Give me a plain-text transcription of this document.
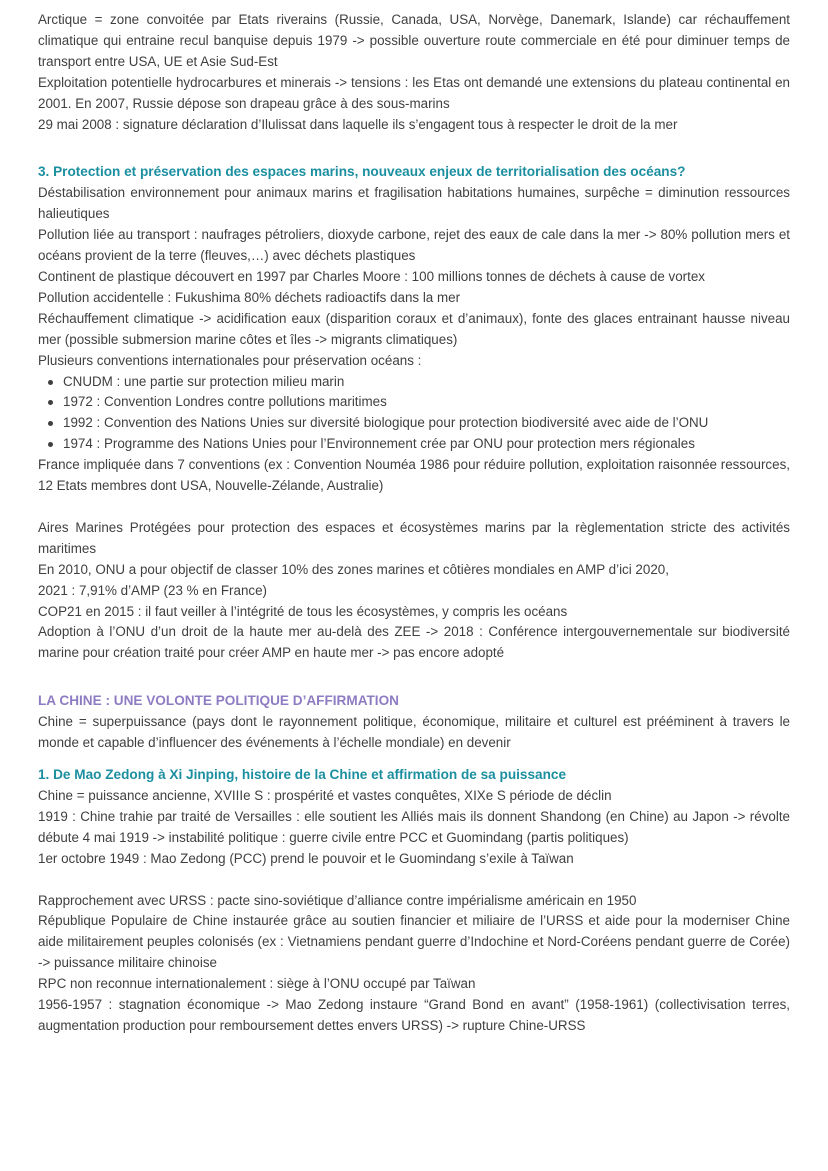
Arctique = zone convoitée par Etats riverains (Russie, Canada, USA, Norvège, Danemark, Islande) car réchauffement climatique qui entraine recul banquise depuis 1979 -> possible ouverture route commerciale en été pour diminuer temps de transport entre USA, UE et Asie Sud-Est

Exploitation potentielle hydrocarbures et minerais -> tensions : les Etas ont demandé une extensions du plateau continental en 2001. En 2007, Russie dépose son drapeau grâce à des sous-marins

29 mai 2008 : signature déclaration d’Ilulissat dans laquelle ils s’engagent tous à respecter le droit de la mer

3. Protection et préservation des espaces marins, nouveaux enjeux de territorialisation des océans?

Déstabilisation environnement pour animaux marins et fragilisation habitations humaines, surpêche = diminution ressources halieutiques

Pollution liée au transport : naufrages pétroliers, dioxyde carbone, rejet des eaux de cale dans la mer -> 80% pollution mers et océans provient de la terre (fleuves,…) avec déchets plastiques

Continent de plastique découvert en 1997 par Charles Moore : 100 millions tonnes de déchets à cause de vortex

Pollution accidentelle : Fukushima 80% déchets radioactifs dans la mer

Réchauffement climatique -> acidification eaux (disparition coraux et d’animaux), fonte des glaces entrainant hausse niveau mer (possible submersion marine côtes et îles -> migrants climatiques)

Plusieurs conventions internationales pour préservation océans :

CNUDM : une partie sur protection milieu marin
1972 : Convention Londres contre pollutions maritimes
1992 : Convention des Nations Unies sur diversité biologique pour protection biodiversité avec aide de l’ONU
1974 : Programme des Nations Unies pour l’Environnement crée par ONU pour protection mers régionales

France impliquée dans 7 conventions (ex : Convention Nouméa 1986 pour réduire pollution, exploitation raisonnée ressources, 12 Etats membres dont USA, Nouvelle-Zélande, Australie)

Aires Marines Protégées pour protection des espaces et écosystèmes marins par la règlementation stricte des activités maritimes

En 2010, ONU a pour objectif de classer 10% des zones marines et côtières mondiales en AMP d’ici 2020,

2021 : 7,91% d’AMP (23 % en France)

COP21 en 2015 : il faut veiller à l’intégrité de tous les écosystèmes, y compris les océans

Adoption à l’ONU d’un droit de la haute mer au-delà des ZEE -> 2018 : Conférence intergouvernementale sur biodiversité marine pour création traité pour créer AMP en haute mer -> pas encore adopté

LA CHINE : UNE VOLONTE POLITIQUE D’AFFIRMATION

Chine = superpuissance (pays dont le rayonnement politique, économique, militaire et culturel est prééminent à travers le monde et capable d’influencer des événements à l’échelle mondiale) en devenir

1. De Mao Zedong à Xi Jinping, histoire de la Chine et affirmation de sa puissance

Chine = puissance ancienne, XVIIIe S : prospérité et vastes conquêtes, XIXe S période de déclin

1919 : Chine trahie par traité de Versailles : elle soutient les Alliés mais ils donnent Shandong (en Chine) au Japon -> révolte débute 4 mai 1919 -> instabilité politique : guerre civile entre PCC et Guomindang (partis politiques)

1er octobre 1949 : Mao Zedong (PCC) prend le pouvoir et le Guomindang s’exile à Taïwan

Rapprochement avec URSS : pacte sino-soviétique d’alliance contre impérialisme américain en 1950

République Populaire de Chine instaurée grâce au soutien financier et miliaire de l’URSS et aide pour la moderniser Chine aide militairement peuples colonisés (ex : Vietnamiens pendant guerre d’Indochine et Nord-Coréens pendant guerre de Corée) -> puissance militaire chinoise

RPC non reconnue internationalement : siège à l’ONU occupé par Taïwan

1956-1957 : stagnation économique -> Mao Zedong instaure “Grand Bond en avant” (1958-1961) (collectivisation terres, augmentation production pour remboursement dettes envers URSS) -> rupture Chine-URSS
